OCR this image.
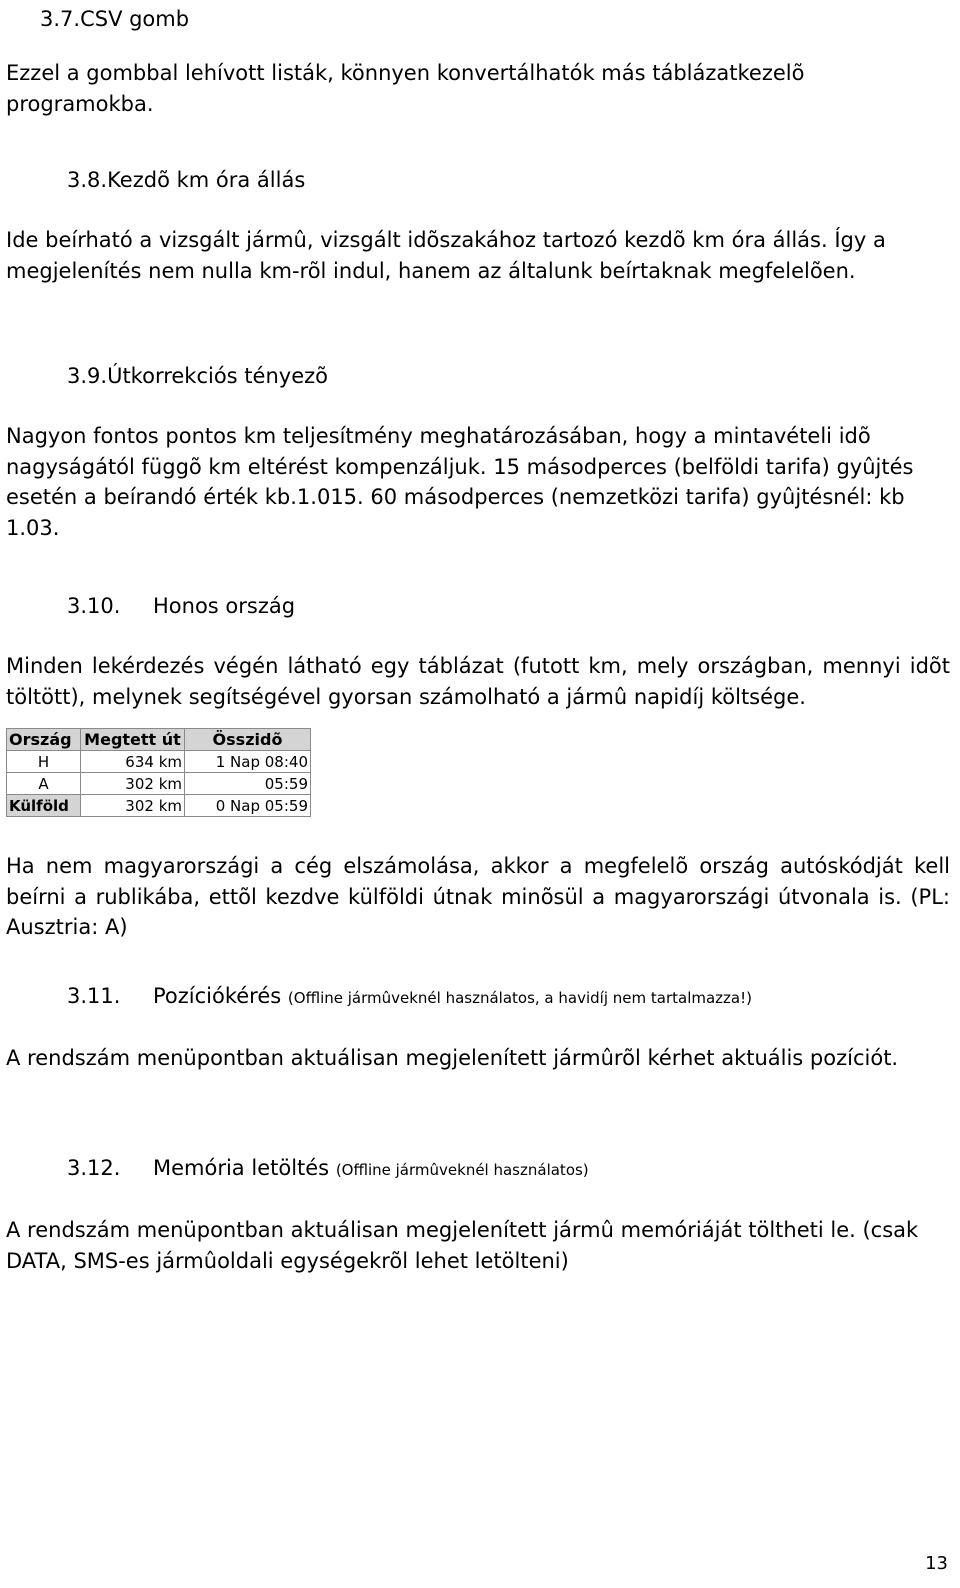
3.7.CSV gomb
Ezzel a gombbal lehívott listák, könnyen konvertálhatók más táblázatkezelõ programokba.
3.8.Kezdõ km óra állás
Ide beírható a vizsgált jármû, vizsgált idõszakához tartozó kezdõ km óra állás. Így a megjelenítés nem nulla km-rõl indul, hanem az általunk beírtaknak megfelelõen.
3.9.Útkorrekciós tényezõ
Nagyon fontos pontos km teljesítmény meghatározásában, hogy a mintavételi idõ nagyságától függõ km eltérést kompenzáljuk. 15 másodperces (belföldi tarifa) gyûjtés esetén a beírandó érték kb.1.015. 60 másodperces (nemzetközi tarifa) gyûjtésnél: kb 1.03.
3.10. Honos ország
Minden lekérdezés végén látható egy táblázat (futott km, mely országban, mennyi idõt töltött), melynek segítségével gyorsan számolható a jármû napidíj költsége.
Ország	Megtett út	Összidõ
H	634 km	1 Nap 08:40
A	302 km	05:59
Külföld	302 km	0 Nap 05:59
Ha nem magyarországi a cég elszámolása, akkor a megfelelõ ország autóskódját kell beírni a rublikába, ettõl kezdve külföldi útnak minõsül a magyarországi útvonala is. (PL: Ausztria: A)
3.11. Pozíciókérés (Offline jármûveknél használatos, a havidíj nem tartalmazza!)
A rendszám menüpontban aktuálisan megjelenített jármûrõl kérhet aktuális pozíciót.
3.12. Memória letöltés (Offline jármûveknél használatos)
A rendszám menüpontban aktuálisan megjelenített jármû memóriáját töltheti le. (csak DATA, SMS-es jármûoldali egységekrõl lehet letölteni)
13
